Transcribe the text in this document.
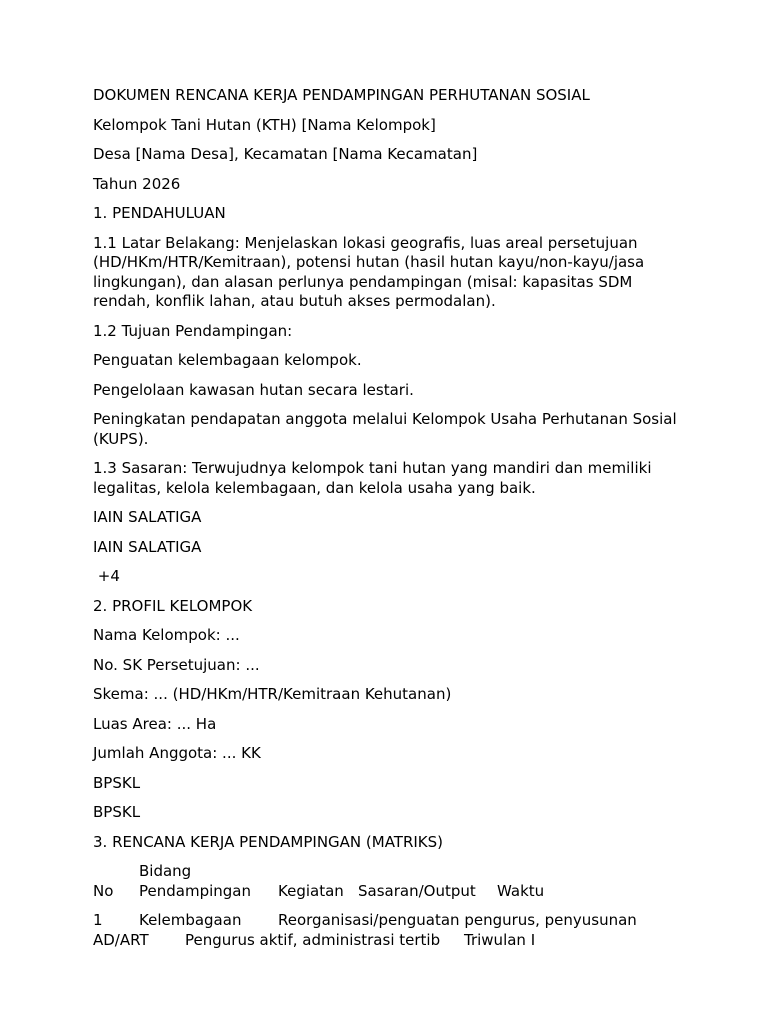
DOKUMEN RENCANA KERJA PENDAMPINGAN PERHUTANAN SOSIAL

Kelompok Tani Hutan (KTH) [Nama Kelompok]

Desa [Nama Desa], Kecamatan [Nama Kecamatan]

Tahun 2026

1. PENDAHULUAN

1.1 Latar Belakang: Menjelaskan lokasi geografis, luas areal persetujuan (HD/HKm/HTR/Kemitraan), potensi hutan (hasil hutan kayu/non-kayu/jasa lingkungan), dan alasan perlunya pendampingan (misal: kapasitas SDM rendah, konflik lahan, atau butuh akses permodalan).

1.2 Tujuan Pendampingan:

Penguatan kelembagaan kelompok.

Pengelolaan kawasan hutan secara lestari.

Peningkatan pendapatan anggota melalui Kelompok Usaha Perhutanan Sosial (KUPS).

1.3 Sasaran: Terwujudnya kelompok tani hutan yang mandiri dan memiliki legalitas, kelola kelembagaan, dan kelola usaha yang baik.

IAIN SALATIGA

IAIN SALATIGA

+4

2. PROFIL KELOMPOK

Nama Kelompok: ...

No. SK Persetujuan: ...

Skema: ... (HD/HKm/HTR/Kemitraan Kehutanan)

Luas Area: ... Ha

Jumlah Anggota: ... KK

BPSKL

BPSKL

3. RENCANA KERJA PENDAMPINGAN (MATRIKS)

NoBidang Pendampingan Kegiatan Sasaran/Output Waktu
1 Kelembagaan Reorganisasi/penguatan pengurus, penyusunan
AD/ART Pengurus aktif, administrasi tertib Triwulan I
